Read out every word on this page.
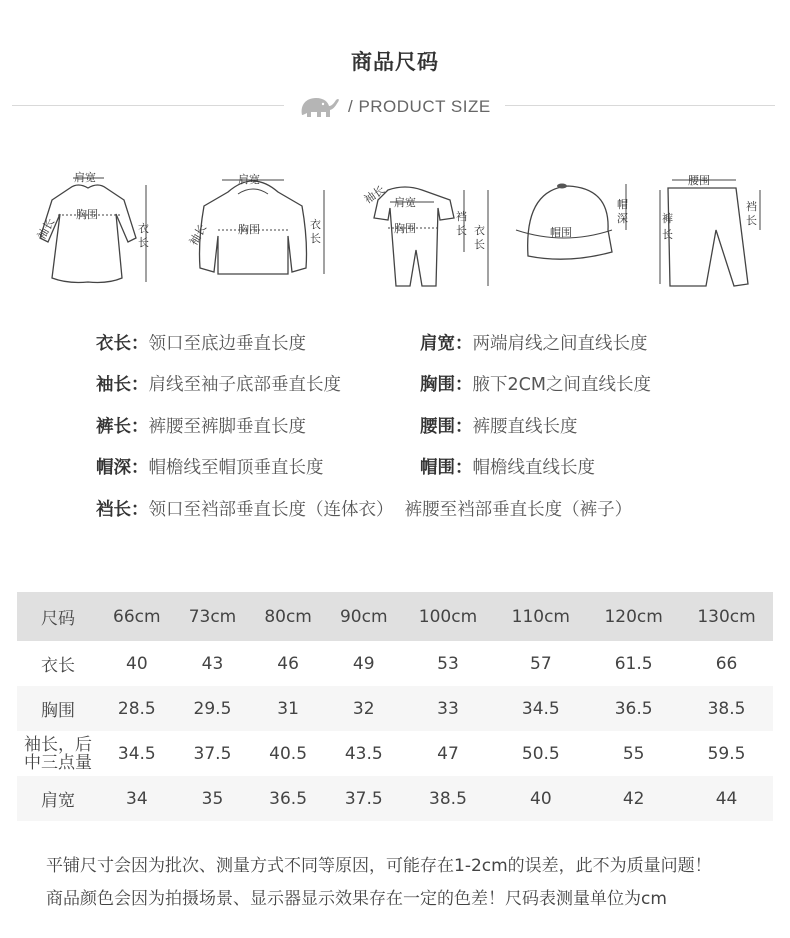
商品尺码
/ PRODUCT SIZE
肩宽
胸围
衣
长
袖长
肩宽
胸围	衣
长
袖长
肩宽
胸围
裆
长 衣
长
袖长
帽围
帽
深
腰围
裤
长
裆
长
衣长：领口至底边垂直长度	肩宽：两端肩线之间直线长度
袖长：肩线至袖子底部垂直长度	胸围：腋下2CM之间直线长度
裤长：裤腰至裤脚垂直长度	腰围：裤腰直线长度
帽深：帽檐线至帽顶垂直长度	帽围：帽檐线直线长度
裆长：领口至裆部垂直长度（连体衣）  裤腰至裆部垂直长度（裤子）
尺码	66cm	73cm	80cm	90cm	100cm	110cm	120cm	130cm
衣长	40	43	46	49	53	57	61.5	66
胸围	28.5	29.5	31	32	33	34.5	36.5	38.5
袖长，后中三点量	34.5	37.5	40.5	43.5	47	50.5	55	59.5
肩宽	34	35	36.5	37.5	38.5	40	42	44
平铺尺寸会因为批次、测量方式不同等原因，可能存在1-2cm的误差，此不为质量问题！
商品颜色会因为拍摄场景、显示器显示效果存在一定的色差！尺码表测量单位为cm
